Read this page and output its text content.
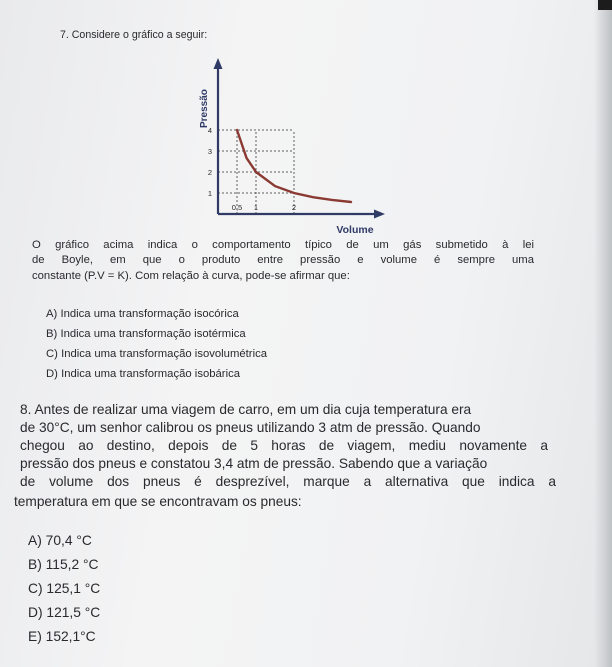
7. Considere o gráfico a seguir:
Pressão
Volume
1
2
3
4
0,5 1	2
O gráfico acima indica o comportamento típico de um gás submetido à lei
de Boyle, em que o produto entre pressão e volume é sempre uma
constante (P.V = K). Com relação à curva, pode-se afirmar que:
A) Indica uma transformação isocórica
B) Indica uma transformação isotérmica
C) Indica uma transformação isovolumétrica
D) Indica uma transformação isobárica
8. Antes de realizar uma viagem de carro, em um dia cuja temperatura era
de 30°C, um senhor calibrou os pneus utilizando 3 atm de pressão. Quando
chegou ao destino, depois de 5 horas de viagem, mediu novamente a
pressão dos pneus e constatou 3,4 atm de pressão. Sabendo que a variação
de volume dos pneus é desprezível, marque a alternativa que indica a
temperatura em que se encontravam os pneus:
A) 70,4 °C
B) 115,2 °C
C) 125,1 °C
D) 121,5 °C
E) 152,1°C
